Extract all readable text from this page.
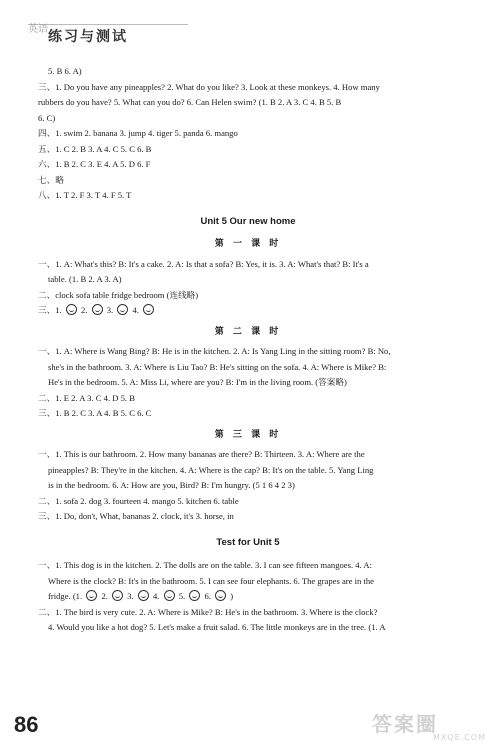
英语 练习与测试
5. B 6. A)
三、1. Do you have any pineapples? 2. What do you like? 3. Look at these monkeys. 4. How many
rubbers do you have? 5. What can you do? 6. Can Helen swim? (1. B 2. A 3. C 4. B 5. B
6. C)
四、1. swim 2. banana 3. jump 4. tiger 5. panda 6. mango
五、1. C 2. B 3. A 4. C 5. C 6. B
六、1. B 2. C 3. E 4. A 5. D 6. F
七、略
八、1. T 2. F 3. T 4. F 5. T
Unit 5 Our new home
第 一 课 时
一、1. A: What's this? B: It's a cake. 2. A: Is that a sofa? B: Yes, it is. 3. A: What's that? B: It's a
table. (1. B 2. A 3. A)
二、clock sofa table fridge bedroom (连线略)
三、1. 2. 3. 4.
第 二 课 时
一、1. A: Where is Wang Bing? B: He is in the kitchen. 2. A: Is Yang Ling in the sitting room? B: No,
she's in the bathroom. 3. A: Where is Liu Tao? B: He's sitting on the sofa. 4. A: Where is Mike? B:
He's in the bedroom. 5. A: Miss Li, where are you? B: I'm in the living room. (答案略)
二、1. E 2. A 3. C 4. D 5. B
三、1. B 2. C 3. A 4. B 5. C 6. C
第 三 课 时
一、1. This is our bathroom. 2. How many bananas are there? B: Thirteen. 3. A: Where are the
pineapples? B: They're in the kitchen. 4. A: Where is the cap? B: It's on the table. 5. Yang Ling
is in the bedroom. 6. A: How are you, Bird? B: I'm hungry. (5 1 6 4 2 3)
二、1. sofa 2. dog 3. fourteen 4. mango 5. kitchen 6. table
三、1. Do, don't, What, bananas 2. clock, it's 3. horse, in
Test for Unit 5
一、1. This dog is in the kitchen. 2. The dolls are on the table. 3. I can see fifteen mangoes. 4. A:
Where is the clock? B: It's in the bathroom. 5. I can see four elephants. 6. The grapes are in the
fridge. (1. 2. 3. 4. 5. 6. )
二、1. The bird is very cute. 2. A: Where is Mike? B: He's in the bathroom. 3. Where is the clock?
4. Would you like a hot dog? 5. Let's make a fruit salad. 6. The little monkeys are in the tree. (1. A
86	答案圈
MXQE.COM
